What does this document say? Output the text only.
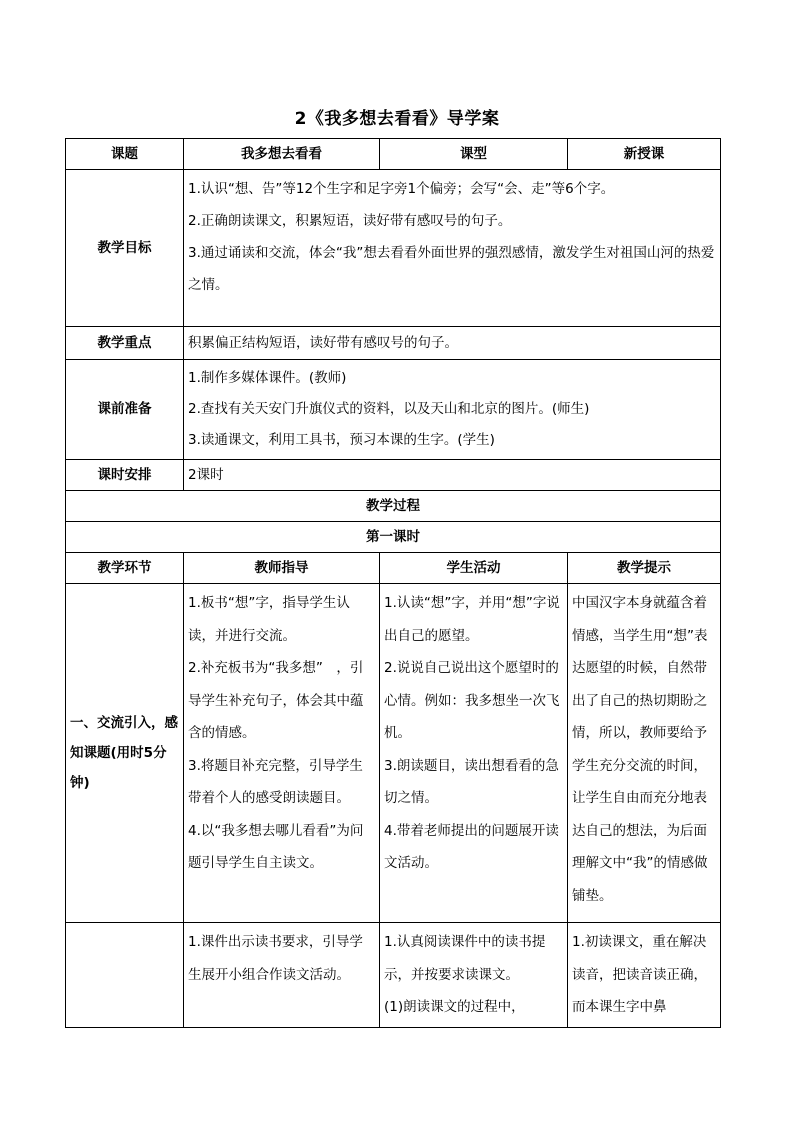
2《我多想去看看》导学案
课题	我多想去看看	课型	新授课
教学目标	1.认识“想、告”等12个生字和足字旁1个偏旁；会写“会、走”等6个字。
2.正确朗读课文，积累短语，读好带有感叹号的句子。
3.通过诵读和交流，体会“我”想去看看外面世界的强烈感情，激发学生对祖国山河的热爱之情。		

教学重点	积累偏正结构短语，读好带有感叹号的句子。		
课前准备	1.制作多媒体课件。(教师)
2.查找有关天安门升旗仪式的资料，以及天山和北京的图片。(师生)
3.读通课文，利用工具书，预习本课的生字。(学生)		

课时安排	2课时		
教学过程			
第一课时			
教学环节	教师指导	学生活动	教学提示
一、交流引入，感知课题(用时5分钟)	1.板书“想”字，指导学生认读，并进行交流。
2.补充板书为“我多想”　，引导学生补充句子，体会其中蕴含的情感。
3.将题目补充完整，引导学生带着个人的感受朗读题目。
4.以“我多想去哪儿看看”为问题引导学生自主读文。	1.认读“想”字，并用“想”字说出自己的愿望。
2.说说自己说出这个愿望时的心情。例如：我多想坐一次飞机。
3.朗读题目，读出想看看的急切之情。
4.带着老师提出的问题展开读文活动。	中国汉字本身就蕴含着情感，当学生用“想”表达愿望的时候，自然带出了自己的热切期盼之情，所以，教师要给予学生充分交流的时间，让学生自由而充分地表达自己的想法，为后面理解文中“我”的情感做铺垫。
	1.课件出示读书要求，引导学生展开小组合作读文活动。	1.认真阅读课件中的读书提示，并按要求读课文。
(1)朗读课文的过程中，	1.初读课文，重在解决读音，把读音读正确，而本课生字中鼻
